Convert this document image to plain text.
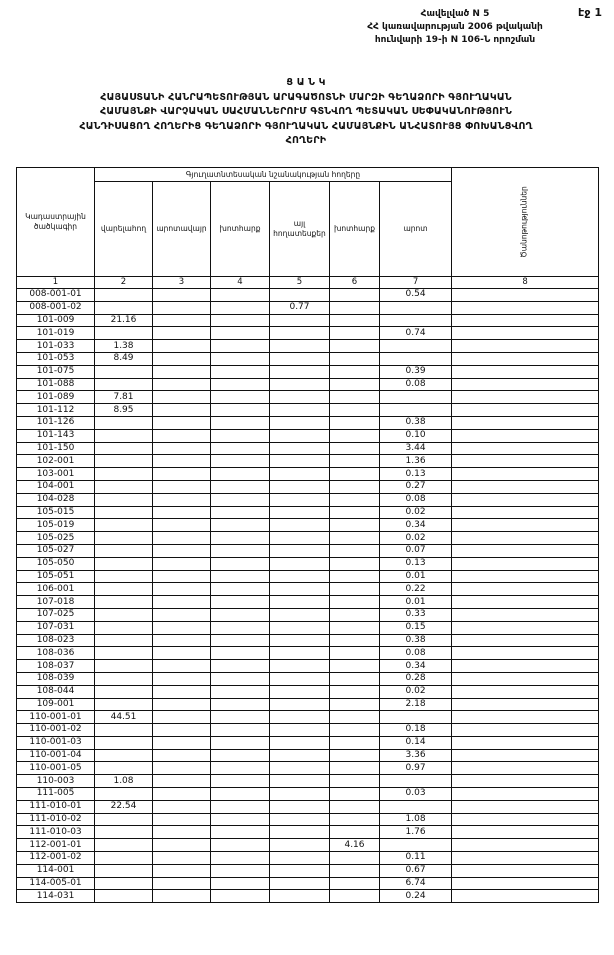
էջ 1
Հավելված N 5
ՀՀ կառավարության 2006 թվականի
հունվարի 19-ի N 106-Ն որոշման
Ց Ա Ն Կ
ՀԱՅԱՍՏԱՆԻ ՀԱՆՐԱՊԵՏՈՒԹՅԱՆ ԱՐԱԳԱԾՈՏՆԻ ՄԱՐԶԻ ԳԵՂԱՁՈՐԻ ԳՅՈՒՂԱԿԱՆ
ՀԱՄԱՅՆՔԻ ՎԱՐՉԱԿԱՆ ՍԱՀՄԱՆՆԵՐՈՒՄ ԳՏՆՎՈՂ ՊԵՏԱԿԱՆ ՍԵՓԱԿԱՆՈՒԹՅՈՒՆ
ՀԱՆԴԻՍԱՑՈՂ ՀՈՂԵՐԻՑ ԳԵՂԱՁՈՐԻ ԳՅՈՒՂԱԿԱՆ ՀԱՄԱՅՆՔԻՆ ԱՆՀԱՏՈՒՅՑ ՓՈԽԱՆՑՎՈՂ
ՀՈՂԵՐԻ
Կադաստրային ծածկագիր	Գյուղատնտեսական նշանակության հողերը						Ծանոթություններ
	վարելահող	արոտավայր	խոտհարք	այլ հողատեսքեր	խոտհարք	արոտ	
1	2	3	4	5	6	7	8
008-001-01						0.54	
008-001-02				0.77			
101-009	21.16						
101-019						0.74	
101-033	1.38						
101-053	8.49						
101-075						0.39	
101-088						0.08	
101-089	7.81						
101-112	8.95						
101-126						0.38	
101-143						0.10	
101-150						3.44	
102-001						1.36	
103-001						0.13	
104-001						0.27	
104-028						0.08	
105-015						0.02	
105-019						0.34	
105-025						0.02	
105-027						0.07	
105-050						0.13	
105-051						0.01	
106-001						0.22	
107-018						0.01	
107-025						0.33	
107-031						0.15	
108-023						0.38	
108-036						0.08	
108-037						0.34	
108-039						0.28	
108-044						0.02	
109-001						2.18	
110-001-01	44.51						
110-001-02						0.18	
110-001-03						0.14	
110-001-04						3.36	
110-001-05						0.97	
110-003	1.08						
111-005						0.03	
111-010-01	22.54						
111-010-02						1.08	
111-010-03						1.76	
112-001-01					4.16		
112-001-02						0.11	
114-001						0.67	
114-005-01						6.74	
114-031						0.24	
